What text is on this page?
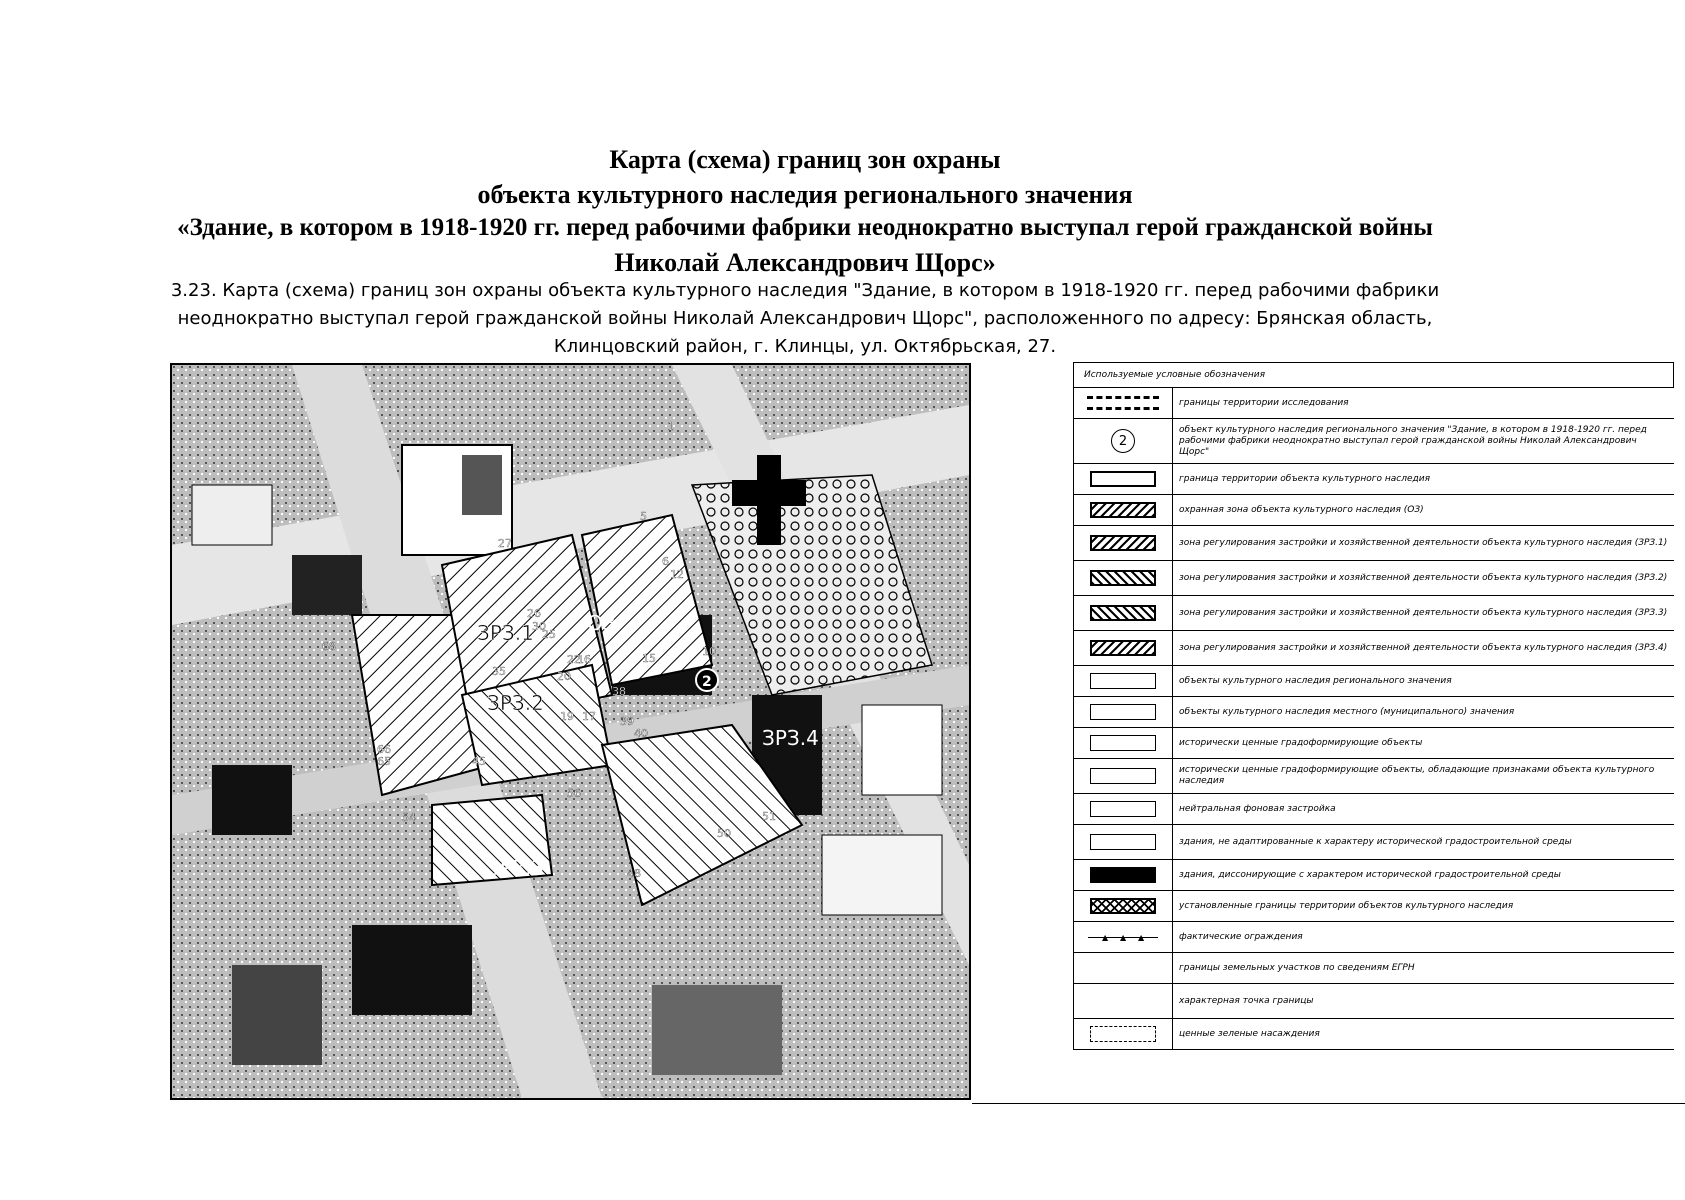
Карта (схема) границ зон охраны
объекта культурного наследия регионального значения
«Здание, в котором в 1918-1920 гг. перед рабочими фабрики неоднократно выступал герой гражданской войны
Николай Александрович Щорс»
3.23. Карта (схема) границ зон охраны объекта культурного наследия "Здание, в котором в 1918-1920 гг. перед рабочими фабрики
неоднократно выступал герой гражданской войны Николай Александрович Щорс", расположенного по адресу: Брянская область,
Клинцовский район, г. Клинцы, ул. Октябрьская, 27.
ЗРЗ.1
ЗРЗ.2
ЗРЗ.3
ЗРЗ.4
ОЗ
2
1
5
6
10
12
15
16
17
19
20
22
25
26
27
30
35
38
39
40
45
48
50
51
54
56
65
66
68
Используемые условные обозначения
границы территории исследования
2
объект культурного наследия регионального значения "Здание, в котором в 1918-1920 гг. перед рабочими фабрики неоднократно выступал герой гражданской войны Николай Александрович Щорс"
граница территории объекта культурного наследия
охранная зона объекта культурного наследия (ОЗ)
зона регулирования застройки и хозяйственной деятельности объекта культурного наследия (ЗРЗ.1)
зона регулирования застройки и хозяйственной деятельности объекта культурного наследия (ЗРЗ.2)
зона регулирования застройки и хозяйственной деятельности объекта культурного наследия (ЗРЗ.3)
зона регулирования застройки и хозяйственной деятельности объекта культурного наследия (ЗРЗ.4)
объекты культурного наследия регионального значения
объекты культурного наследия местного (муниципального) значения
исторически ценные градоформирующие объекты
исторически ценные градоформирующие объекты, обладающие признаками объекта культурного наследия
нейтральная фоновая застройка
здания, не адаптированные к характеру исторической градостроительной среды
здания, диссонирующие с характером исторической градостроительной среды
установленные границы территории объектов культурного наследия
▲ ▲ ▲	фактические ограждения
границы земельных участков по сведениям ЕГРН
характерная точка границы
ценные зеленые насаждения
